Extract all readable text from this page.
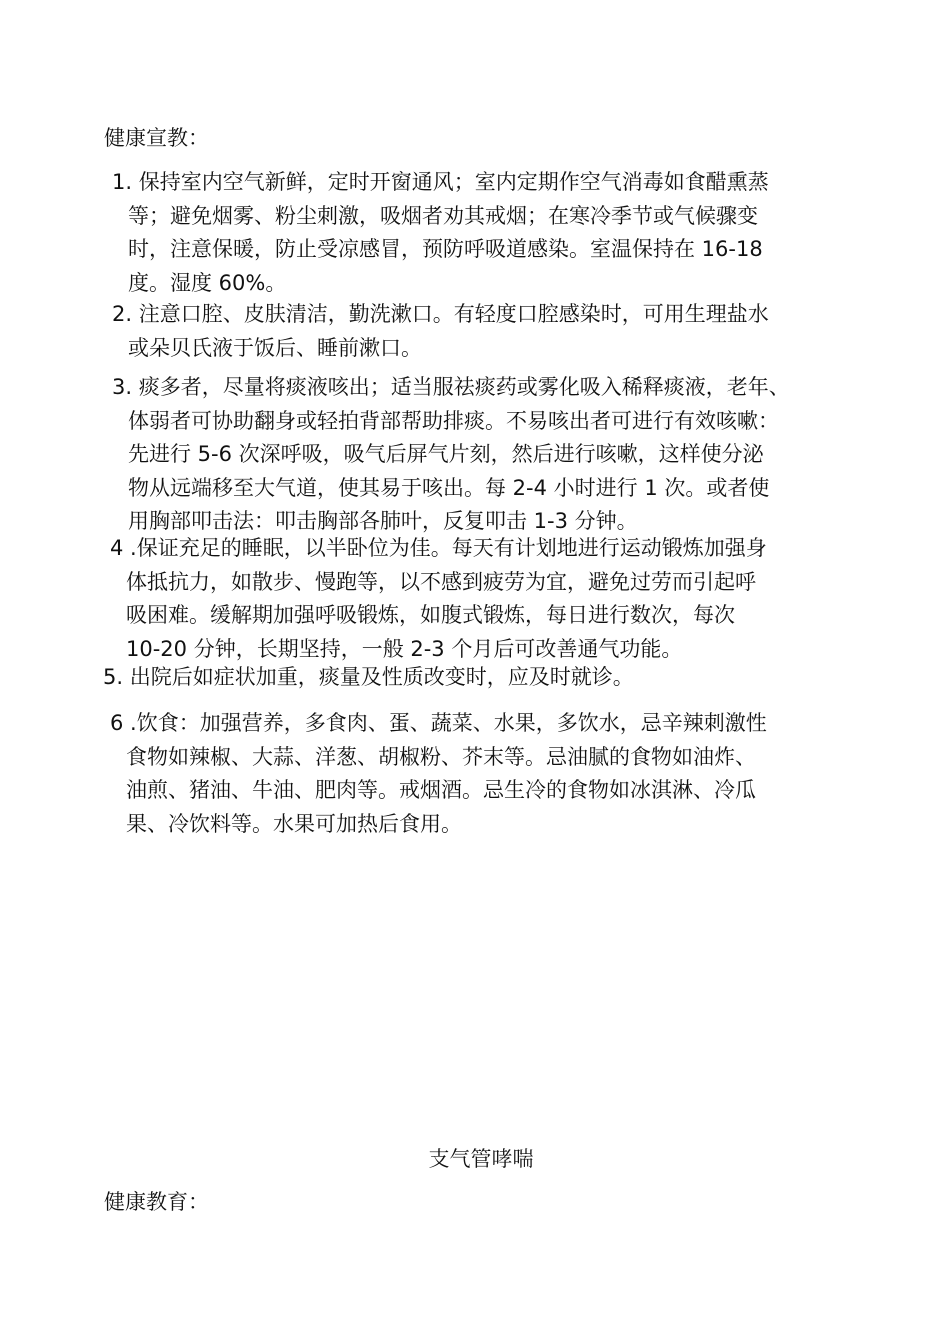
健康宣教：
1. 保持室内空气新鲜，定时开窗通风；室内定期作空气消毒如食醋熏蒸
等；避免烟雾、粉尘刺激，吸烟者劝其戒烟；在寒冷季节或气候骤变
时，注意保暖，防止受凉感冒，预防呼吸道感染。室温保持在 16-18
度。湿度 60%。
2. 注意口腔、皮肤清洁，勤洗漱口。有轻度口腔感染时，可用生理盐水
或朵贝氏液于饭后、睡前漱口。
3. 痰多者，尽量将痰液咳出；适当服祛痰药或雾化吸入稀释痰液，老年、
体弱者可协助翻身或轻拍背部帮助排痰。不易咳出者可进行有效咳嗽：
先进行 5-6 次深呼吸，吸气后屏气片刻，然后进行咳嗽，这样使分泌
物从远端移至大气道，使其易于咳出。每 2-4 小时进行 1 次。或者使
用胸部叩击法：叩击胸部各肺叶，反复叩击 1-3 分钟。
4 .保证充足的睡眠，以半卧位为佳。每天有计划地进行运动锻炼加强身
体抵抗力，如散步、慢跑等，以不感到疲劳为宜，避免过劳而引起呼
吸困难。缓解期加强呼吸锻炼，如腹式锻炼，每日进行数次，每次
10-20 分钟，长期坚持，一般 2-3 个月后可改善通气功能。
5. 出院后如症状加重，痰量及性质改变时，应及时就诊。
6 .饮食：加强营养，多食肉、蛋、蔬菜、水果，多饮水，忌辛辣刺激性
食物如辣椒、大蒜、洋葱、胡椒粉、芥末等。忌油腻的食物如油炸、
油煎、猪油、牛油、肥肉等。戒烟酒。忌生冷的食物如冰淇淋、冷瓜
果、冷饮料等。水果可加热后食用。
支气管哮喘
健康教育：
